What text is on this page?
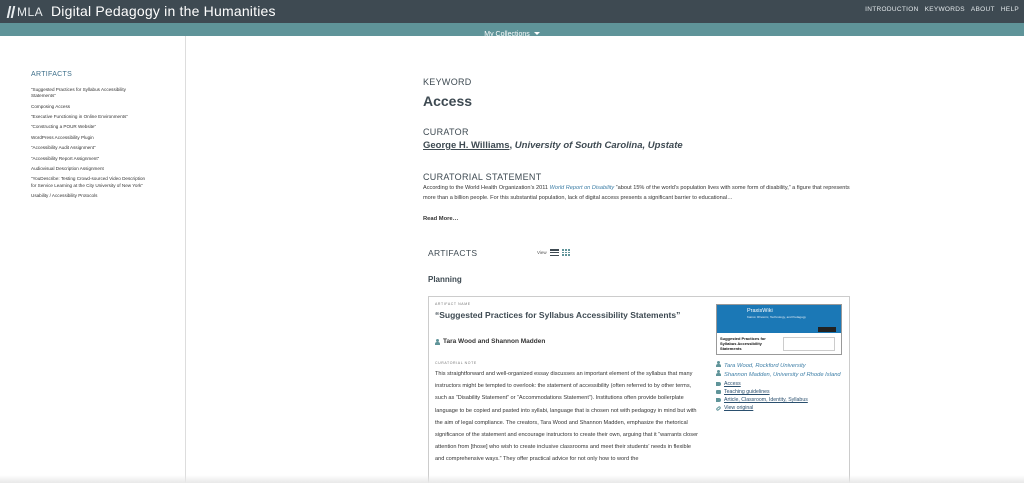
MLA Digital Pedagogy in the Humanities	INTRODUCTION KEYWORDS ABOUT HELP
My Collections
ARTIFACTS
“Suggested Practices for Syllabus Accessibility Statements”
Composing Access
“Executive Functioning in Online Environments”
“Constructing a POUR Website”
WordPress Accessibility Plugin
“Accessibility Audit Assignment”
“Accessibility Report Assignment”
Audiovisual Description Assignment
“YouDescribe: Testing Crowd-sourced Video Description for Service Learning at the City University of New York”
Usability / Accessibility Protocols
KEYWORD
Access
CURATOR
George H. Williams, University of South Carolina, Upstate
CURATORIAL STATEMENT
According to the World Health Organization’s 2011 World Report on Disability “about 15% of the world’s population lives with some form of disability,” a figure that represents more than a billion people. For this substantial population, lack of digital access presents a significant barrier to educational…
Read More…
ARTIFACTS	View
Planning
ARTIFACT NAME
“Suggested Practices for Syllabus Accessibility Statements”
Tara Wood and Shannon Madden
CURATORIAL NOTE
This straightforward and well-organized essay discusses an important element of the syllabus that many instructors might be tempted to overlook: the statement of accessibility (often referred to by other terms, such as “Disability Statement” or “Accommodations Statement”). Institutions often provide boilerplate language to be copied and pasted into syllabi, language that is chosen not with pedagogy in mind but with the aim of legal compliance. The creators, Tara Wood and Shannon Madden, emphasize the rhetorical significance of the statement and encourage instructors to create their own, arguing that it “warrants closer attention from [those] who wish to create inclusive classrooms and meet their students’ needs in flexible and comprehensive ways.” They offer practical advice for not only how to word the
PraxisWiki
Kairos: Rhetoric, Technology, and Pedagogy
Suggested Practices for Syllabus Accessibility Statements
Tara Wood, Rockford University
Shannon Madden, University of Rhode Island
Access
Teaching guidelines
Article, Classroom, Identity, Syllabus
View original
